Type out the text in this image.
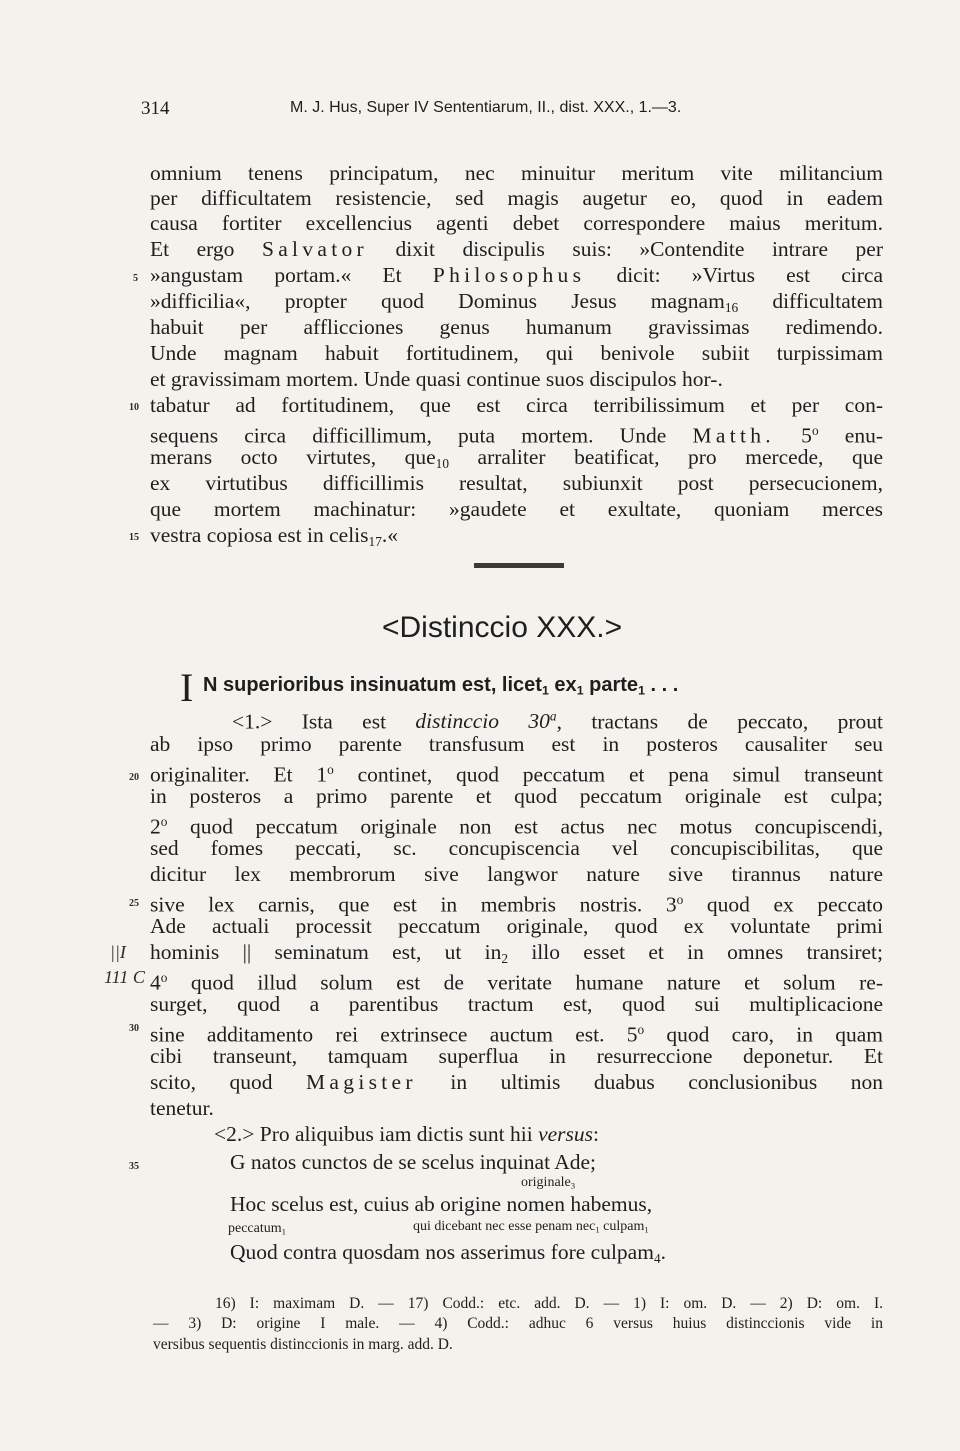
314	M. J. Hus, Super IV Sententiarum, II., dist. XXX., 1.—3.
5
10
15
20
25
30
35
||I
111 C
omnium tenens principatum, nec minuitur meritum vite militancium
per difficultatem resistencie, sed magis augetur eo, quod in eadem
causa fortiter excellencius agenti debet correspondere maius meritum.
Et ergo Salvator dixit discipulis suis: »Contendite intrare per
»angustam portam.« Et Philosophus dicit: »Virtus est circa
»difficilia«, propter quod Dominus Jesus magnam$_{16}$ difficultatem
habuit per afflicciones genus humanum gravissimas redimendo.
Unde magnam habuit fortitudinem, qui benivole subiit turpissimam
et gravissimam mortem. Unde quasi continue suos discipulos hor-.
tabatur ad fortitudinem, que est circa terribilissimum et per con-
sequens circa difficillimum, puta mortem. Unde Matth. 5$^o$ enu-
merans octo virtutes, que$_{10}$ arraliter beatificat, pro mercede, que
ex virtutibus difficillimis resultat, subiunxit post persecucionem,
que mortem machinatur: »gaudete et exultate, quoniam merces
vestra copiosa est in celis$_{17}$.«
<Distinccio XXX.>
I N superioribus insinuatum est, licet$_1$ $ex_1$ parte$_1$ . . .
<1.> Ista est distinccio 30$^a$, tractans de peccato, prout
ab ipso primo parente transfusum est in posteros causaliter seu
originaliter. Et 1$^o$ continet, quod peccatum et pena simul transeunt
in posteros a primo parente et quod peccatum originale est culpa;
2$^o$ quod peccatum originale non est actus nec motus concupiscendi,
sed fomes peccati, sc. concupiscencia vel concupiscibilitas, que
dicitur lex membrorum sive langwor nature sive tirannus nature
sive lex carnis, que est in membris nostris. 3$^o$ quod ex peccato
Ade actuali processit peccatum originale, quod ex voluntate primi
hominis || seminatum est, ut $in_2$ illo esset et in omnes transiret;
4$^o$ quod illud solum est de veritate humane nature et solum re-
surget, quod a parentibus tractum est, quod sui multiplicacione
sine additamento rei extrinsece auctum est. 5$^o$ quod caro, in quam
cibi transeunt, tamquam superflua in resurreccione deponetur. Et
scito, quod Magister in ultimis duabus conclusionibus non
tenetur.
<2.> Pro aliquibus iam dictis sunt hii versus:
G natos cunctos de se scelus inquinat Ade;
originale$_3$
Hoc scelus est, cuius ab origine nomen habemus,
peccatum$_1$	qui dicebant nec esse penam nec$_1$ culpam$_1$
Quod contra quosdam nos asserimus fore culpam$_4$.
16) I: maximam D. — 17) Codd.: etc. add. D. — 1) I: om. D. — 2) D: om. I.
— 3) D: origine I male. — 4) Codd.: adhuc 6 versus huius distinccionis vide in
versibus sequentis distinccionis in marg. add. D.
